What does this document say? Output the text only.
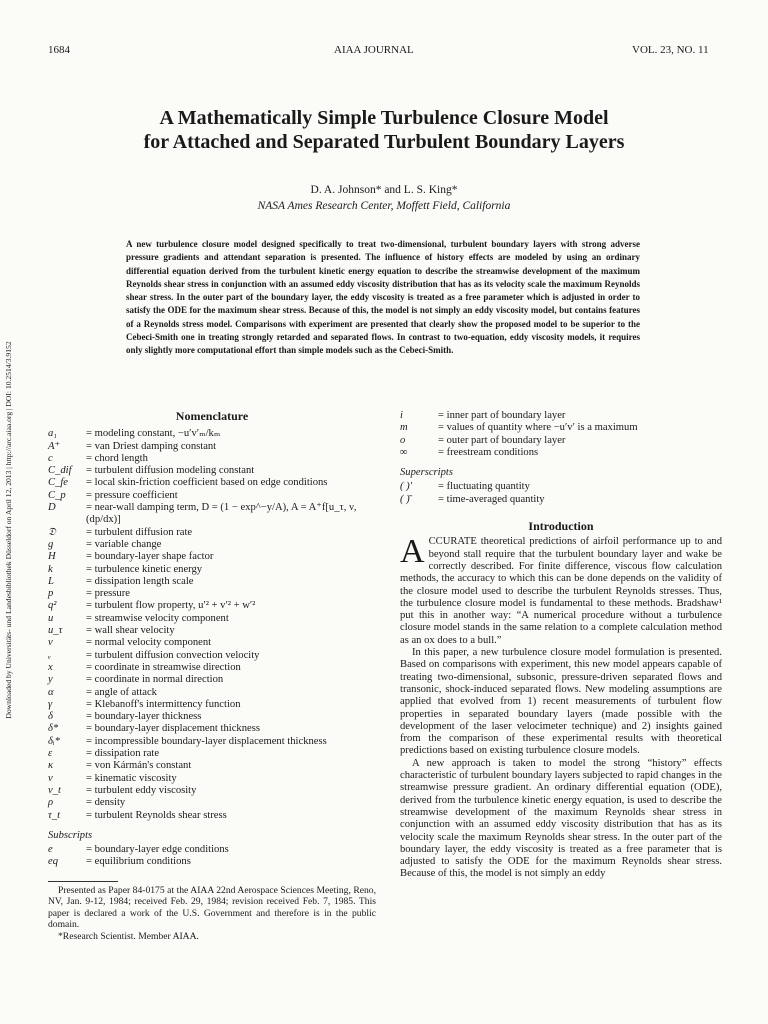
1684	AIAA JOURNAL	VOL. 23, NO. 11
A Mathematically Simple Turbulence Closure Model
for Attached and Separated Turbulent Boundary Layers
D. A. Johnson* and L. S. King*
NASA Ames Research Center, Moffett Field, California
A new turbulence closure model designed specifically to treat two-dimensional, turbulent boundary layers with strong adverse pressure gradients and attendant separation is presented. The influence of history effects are modeled by using an ordinary differential equation derived from the turbulent kinetic energy equation to describe the streamwise development of the maximum Reynolds shear stress in conjunction with an assumed eddy viscosity distribution that has as its velocity scale the maximum Reynolds shear stress. In the outer part of the boundary layer, the eddy viscosity is treated as a free parameter which is adjusted in order to satisfy the ODE for the maximum shear stress. Because of this, the model is not simply an eddy viscosity model, but contains features of a Reynolds stress model. Comparisons with experiment are presented that clearly show the proposed model to be superior to the Cebeci-Smith one in treating strongly retarded and separated flows. In contrast to two-equation, eddy viscosity models, it requires only slightly more computational effort than simple models such as the Cebeci-Smith.
Downloaded by Universitäts- und Landesbibliothek Düsseldorf on April 12, 2013 | http://arc.aiaa.org | DOI: 10.2514/3.9152	Nomenclature
a₁	= modeling constant, −u′v′ₘ/kₘ
A⁺	= van Driest damping constant
c	= chord length
C_dif	= turbulent diffusion modeling constant
C_fe	= local skin-friction coefficient based on edge conditions
C_p	= pressure coefficient
D	= near-wall damping term, D = (1 − exp^−y/A), A = A⁺f[u_τ, ν, (dp/dx)]
𝔇	= turbulent diffusion rate
g	= variable change
H	= boundary-layer shape factor
k	= turbulence kinetic energy
L	= dissipation length scale
p	= pressure
q²	= turbulent flow property, u′² + v′² + w′²
u	= streamwise velocity component
u_τ	= wall shear velocity
v	= normal velocity component
ᵥ	= turbulent diffusion convection velocity
x	= coordinate in streamwise direction
y	= coordinate in normal direction
α	= angle of attack
γ	= Klebanoff's intermittency function
δ	= boundary-layer thickness
δ*	= boundary-layer displacement thickness
δᵢ*	= incompressible boundary-layer displacement thickness
ε	= dissipation rate
κ	= von Kármán's constant
ν	= kinematic viscosity
ν_t	= turbulent eddy viscosity
ρ	= density
τ_t	= turbulent Reynolds shear stress
Subscripts
e	= boundary-layer edge conditions
eq	= equilibrium conditions

Presented as Paper 84-0175 at the AIAA 22nd Aerospace Sciences Meeting, Reno, NV, Jan. 9-12, 1984; received Feb. 29, 1984; revision received Feb. 7, 1985. This paper is declared a work of the U.S. Government and therefore is in the public domain.

*Research Scientist. Member AIAA.

i	= inner part of boundary layer
m	= values of quantity where −u′v′ is a maximum
o	= outer part of boundary layer
∞	= freestream conditions
Superscripts
( )′	= fluctuating quantity
( )̄	= time-averaged quantity
Introduction

ACCURATE theoretical predictions of airfoil performance up to and beyond stall require that the turbulent boundary layer and wake be correctly described. For finite difference, viscous flow calculation methods, the accuracy to which this can be done depends on the validity of the closure model used to describe the turbulent Reynolds stresses. Thus, the turbulence closure model is fundamental to these methods. Bradshaw¹ put this in another way: “A numerical procedure without a turbulence closure model stands in the same relation to a complete calculation method as an ox does to a bull.”

In this paper, a new turbulence closure model formulation is presented. Based on comparisons with experiment, this new model appears capable of treating two-dimensional, subsonic, pressure-driven separated flows and transonic, shock-induced separated flows. New modeling assumptions are applied that evolved from 1) recent measurements of turbulent flow properties in separated boundary layers (made possible with the development of the laser velocimeter technique) and 2) insights gained from the comparison of these experimental results with theoretical predictions based on existing turbulence closure models.

A new approach is taken to model the strong “history” effects characteristic of turbulent boundary layers subjected to rapid changes in the streamwise pressure gradient. An ordinary differential equation (ODE), derived from the turbulence kinetic energy equation, is used to describe the streamwise development of the maximum Reynolds shear stress in conjunction with an assumed eddy viscosity distribution that has as its velocity scale the maximum Reynolds shear stress. In the outer part of the boundary layer, the eddy viscosity is treated as a free parameter that is adjusted to satisfy the ODE for the maximum Reynolds shear stress. Because of this, the model is not simply an eddy
